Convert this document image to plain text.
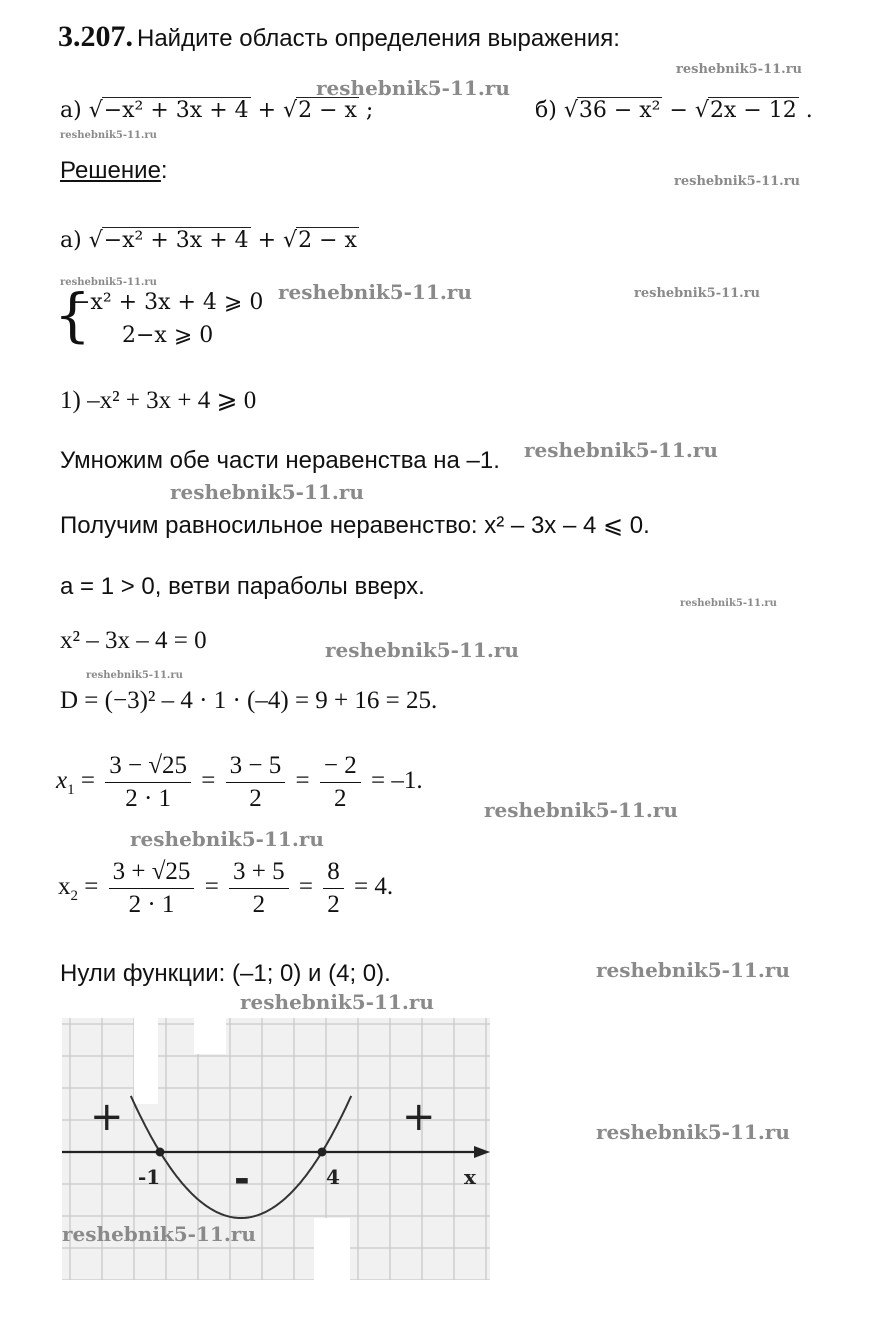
3.207. Найдите область определения выражения:
reshebnik5-11.ru
reshebnik5-11.ru
а) √−x² + 3x + 4 + √2 − x ;	б) √36 − x² − √2x − 12 .
reshebnik5-11.ru
Решение:	reshebnik5-11.ru
а) √−x² + 3x + 4 + √2 − x
reshebnik5-11.ru
{
−x² + 3x + 4 ⩾ 0
2−x ⩾ 0
reshebnik5-11.ru	reshebnik5-11.ru
1) –x² + 3x + 4 ⩾ 0
Умножим обе части неравенства на –1. reshebnik5-11.ru
reshebnik5-11.ru
Получим равносильное неравенство: x² – 3x – 4 ⩽ 0.
a = 1 > 0, ветви параболы вверх.
reshebnik5-11.ru
x² – 3x – 4 = 0	reshebnik5-11.ru
reshebnik5-11.ru
D = (−3)² – 4 · 1 · (–4) = 9 + 16 = 25.
$x_1 = \frac{3 - √25}{2 \cdot 1} = \frac{3 - 5}{2} = \frac{- 2}{2} = -1$.
reshebnik5-11.ru
reshebnik5-11.ru
$x_2 = \frac{3 + √25}{2 \cdot 1} = \frac{3 + 5}{2} = \frac{8}{2} = 4$.
Нули функции: (–1; 0) и (4; 0).	reshebnik5-11.ru
reshebnik5-11.ru
-1	4	x
+
-
+	reshebnik5-11.ru
reshebnik5-11.ru
